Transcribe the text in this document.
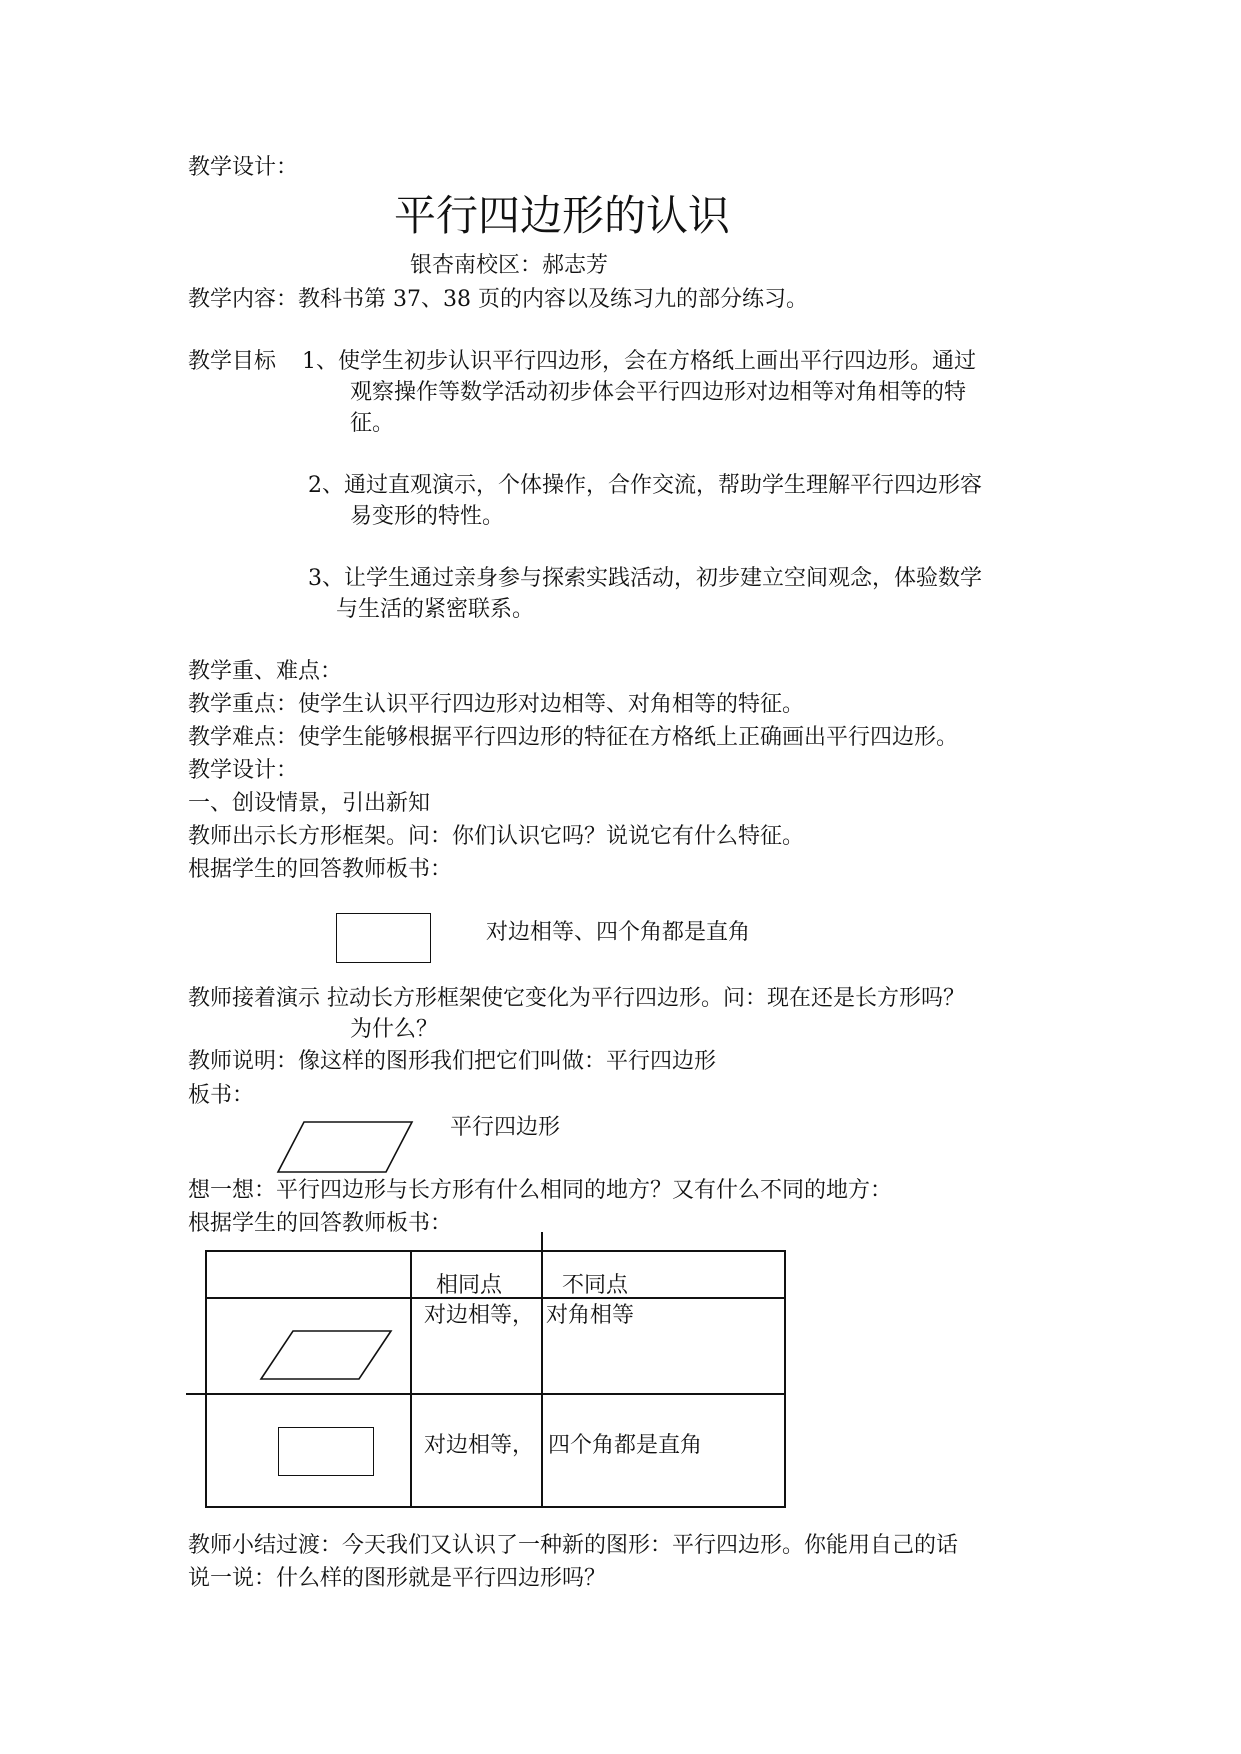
教学设计：
平行四边形的认识
银杏南校区：郝志芳
教学内容：教科书第 37、38 页的内容以及练习九的部分练习。
教学目标 1、使学生初步认识平行四边形，会在方格纸上画出平行四边形。通过
观察操作等数学活动初步体会平行四边形对边相等对角相等的特
征。
2、通过直观演示，个体操作，合作交流，帮助学生理解平行四边形容
易变形的特性。
3、让学生通过亲身参与探索实践活动，初步建立空间观念，体验数学
与生活的紧密联系。
教学重、难点：
教学重点：使学生认识平行四边形对边相等、对角相等的特征。
教学难点：使学生能够根据平行四边形的特征在方格纸上正确画出平行四边形。
教学设计：
一、创设情景，引出新知
教师出示长方形框架。问：你们认识它吗？说说它有什么特征。
根据学生的回答教师板书：
对边相等、四个角都是直角
教师接着演示 拉动长方形框架使它变化为平行四边形。问：现在还是长方形吗？
为什么？
教师说明：像这样的图形我们把它们叫做：平行四边形
板书：
平行四边形
想一想：平行四边形与长方形有什么相同的地方？又有什么不同的地方：
根据学生的回答教师板书：
相同点	不同点
对边相等， 对角相等
对边相等， 四个角都是直角
教师小结过渡：今天我们又认识了一种新的图形：平行四边形。你能用自己的话
说一说：什么样的图形就是平行四边形吗？
